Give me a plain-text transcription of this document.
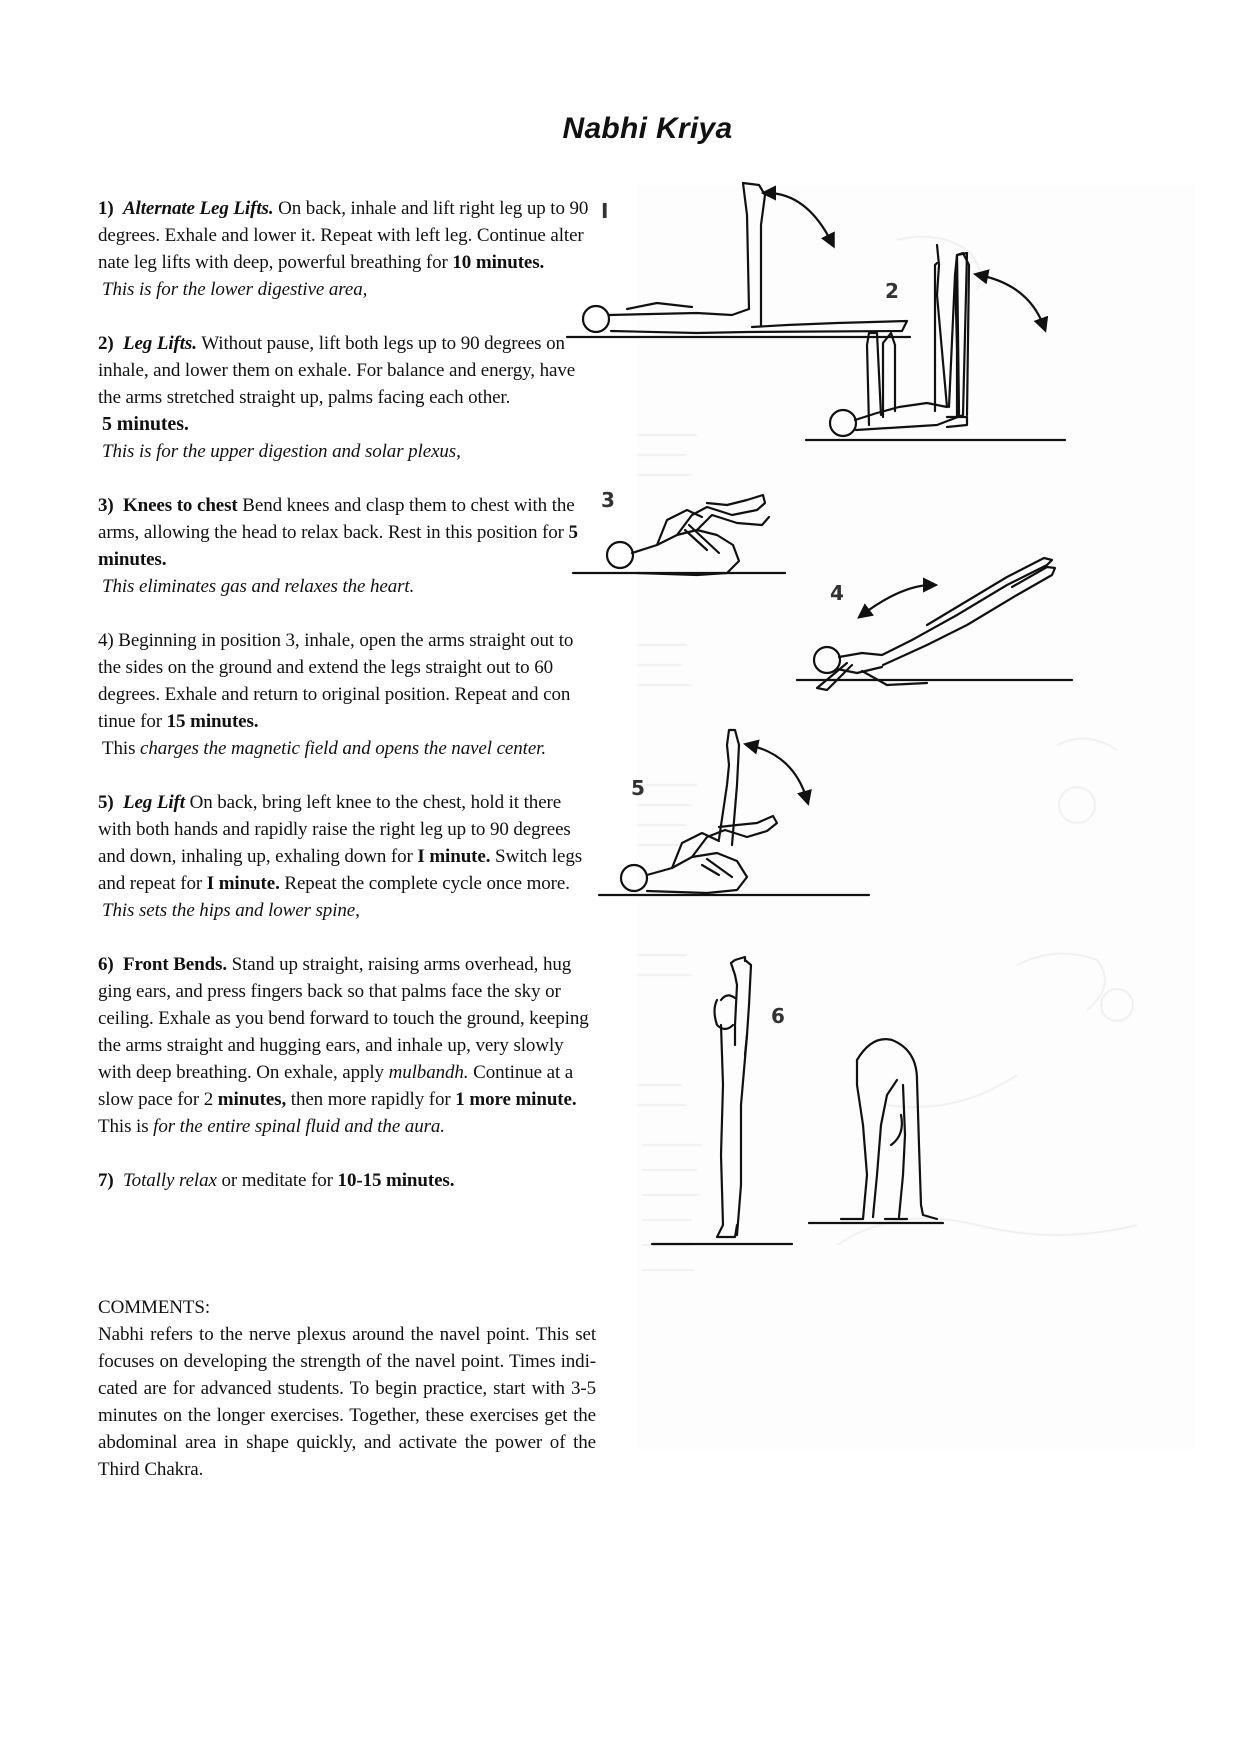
Nabhi Kriya
1) Alternate Leg Lifts. On back, inhale and lift right leg up to 90
degrees. Exhale and lower it. Repeat with left leg. Continue alter
nate leg lifts with deep, powerful breathing for 10 minutes.
This is for the lower digestive area,
2) Leg Lifts. Without pause, lift both legs up to 90 degrees on
inhale, and lower them on exhale. For balance and energy, have
the arms stretched straight up, palms facing each other.
5 minutes.
This is for the upper digestion and solar plexus,
3) Knees to chest Bend knees and clasp them to chest with the
arms, allowing the head to relax back. Rest in this position for 5
minutes.
This eliminates gas and relaxes the heart.
4) Beginning in position 3, inhale, open the arms straight out to
the sides on the ground and extend the legs straight out to 60
degrees. Exhale and return to original position. Repeat and con
tinue for 15 minutes.
This charges the magnetic field and opens the navel center.
5) Leg Lift On back, bring left knee to the chest, hold it there
with both hands and rapidly raise the right leg up to 90 degrees
and down, inhaling up, exhaling down for I minute. Switch legs
and repeat for I minute. Repeat the complete cycle once more.
This sets the hips and lower spine,
6) Front Bends. Stand up straight, raising arms overhead, hug
ging ears, and press fingers back so that palms face the sky or
ceiling. Exhale as you bend forward to touch the ground, keeping
the arms straight and hugging ears, and inhale up, very slowly
with deep breathing. On exhale, apply mulbandh. Continue at a
slow pace for 2 minutes, then more rapidly for 1 more minute.
This is for the entire spinal fluid and the aura.
7) Totally relax or meditate for 10-15 minutes.
COMMENTS:
Nabhi refers to the nerve plexus around the navel point. This set focuses on developing the strength of the navel point. Times indi- cated are for advanced students. To begin practice, start with 3-5 minutes on the longer exercises. Together, these exercises get the abdominal area in shape quickly, and activate the power of the Third Chakra.
I
2
3
4
5
6
